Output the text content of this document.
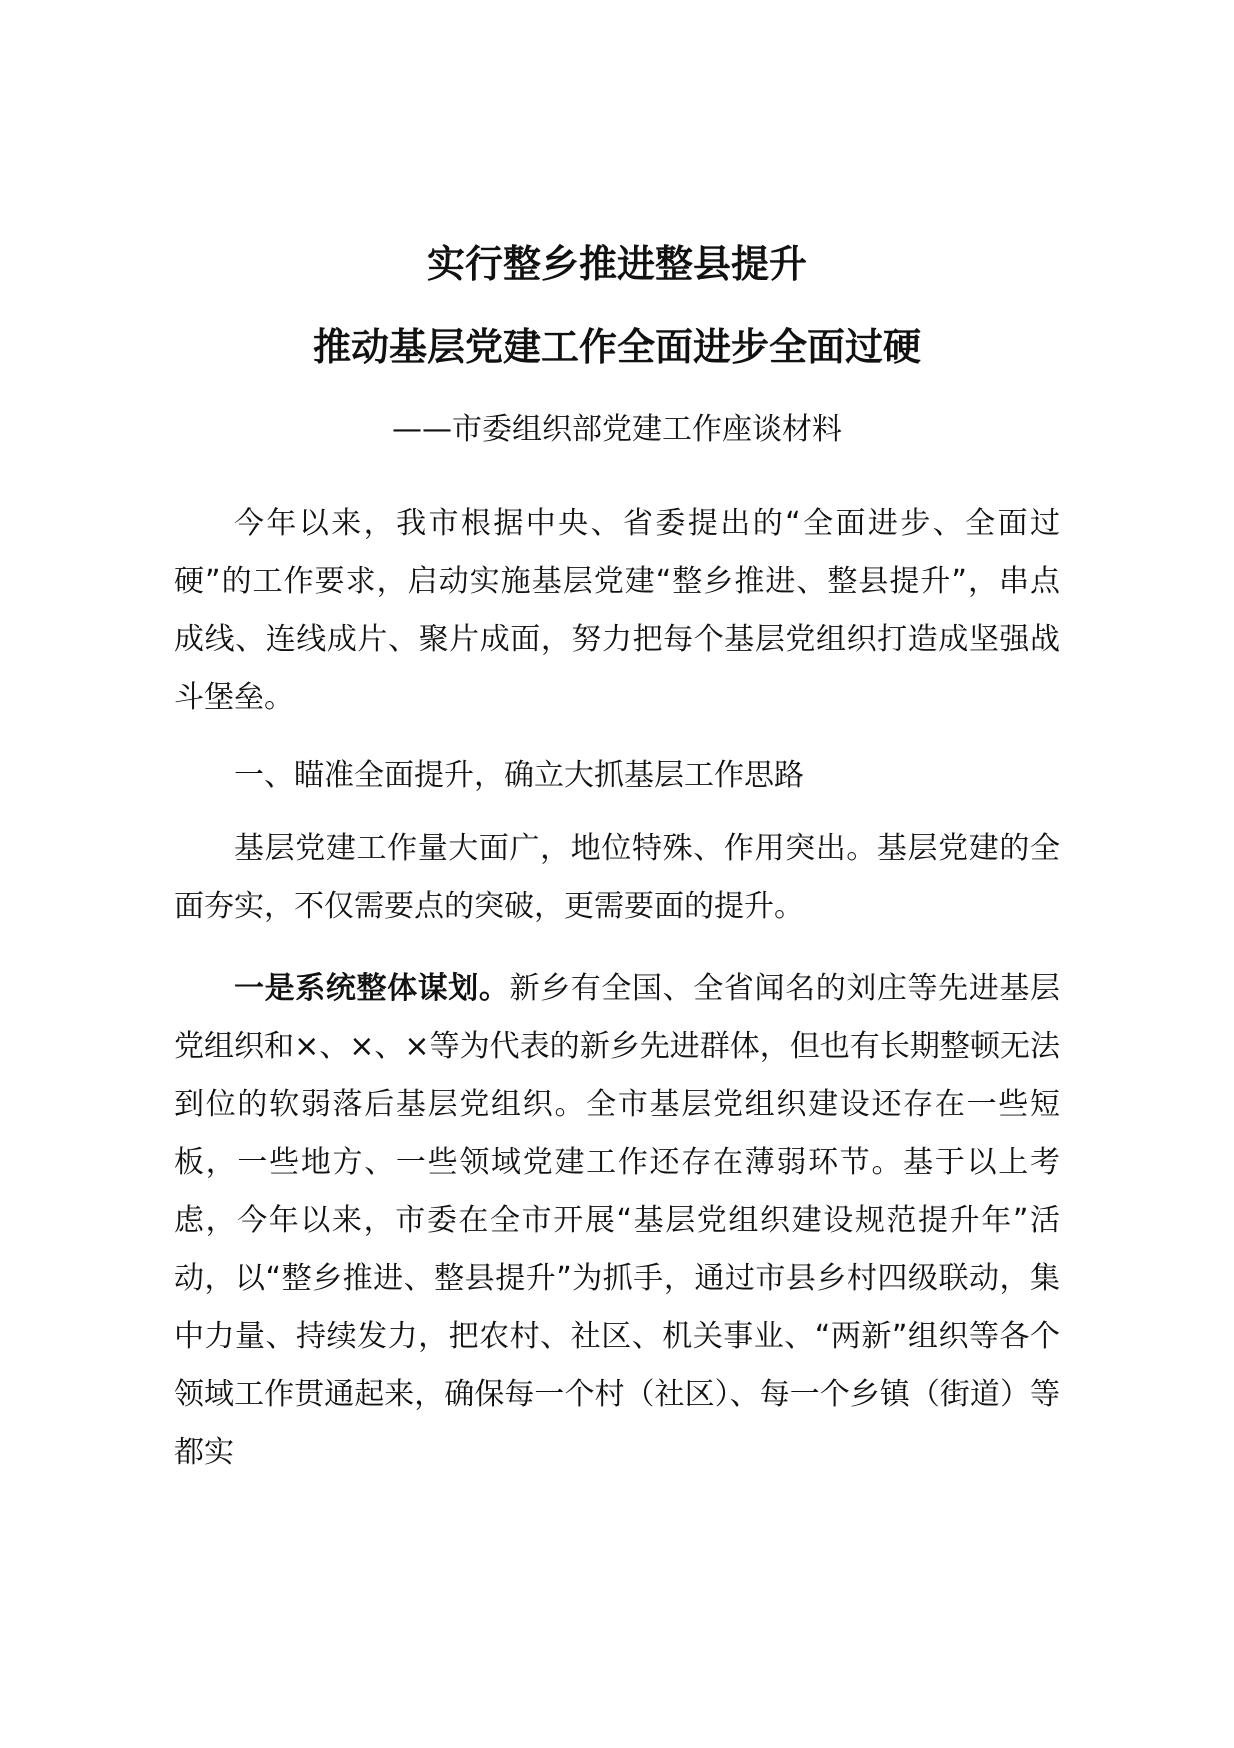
实行整乡推进整县提升
推动基层党建工作全面进步全面过硬

——市委组织部党建工作座谈材料

今年以来，我市根据中央、省委提出的“全面进步、全面过硬”的工作要求，启动实施基层党建“整乡推进、整县提升”，串点成线、连线成片、聚片成面，努力把每个基层党组织打造成坚强战斗堡垒。

一、瞄准全面提升，确立大抓基层工作思路

基层党建工作量大面广，地位特殊、作用突出。基层党建的全面夯实，不仅需要点的突破，更需要面的提升。

一是系统整体谋划。新乡有全国、全省闻名的刘庄等先进基层党组织和×、×、×等为代表的新乡先进群体，但也有长期整顿无法到位的软弱落后基层党组织。全市基层党组织建设还存在一些短板，一些地方、一些领域党建工作还存在薄弱环节。基于以上考虑，今年以来，市委在全市开展“基层党组织建设规范提升年”活动，以“整乡推进、整县提升”为抓手，通过市县乡村四级联动，集中力量、持续发力，把农村、社区、机关事业、“两新”组织等各个领域工作贯通起来，确保每一个村（社区）、每一个乡镇（街道）等都实
